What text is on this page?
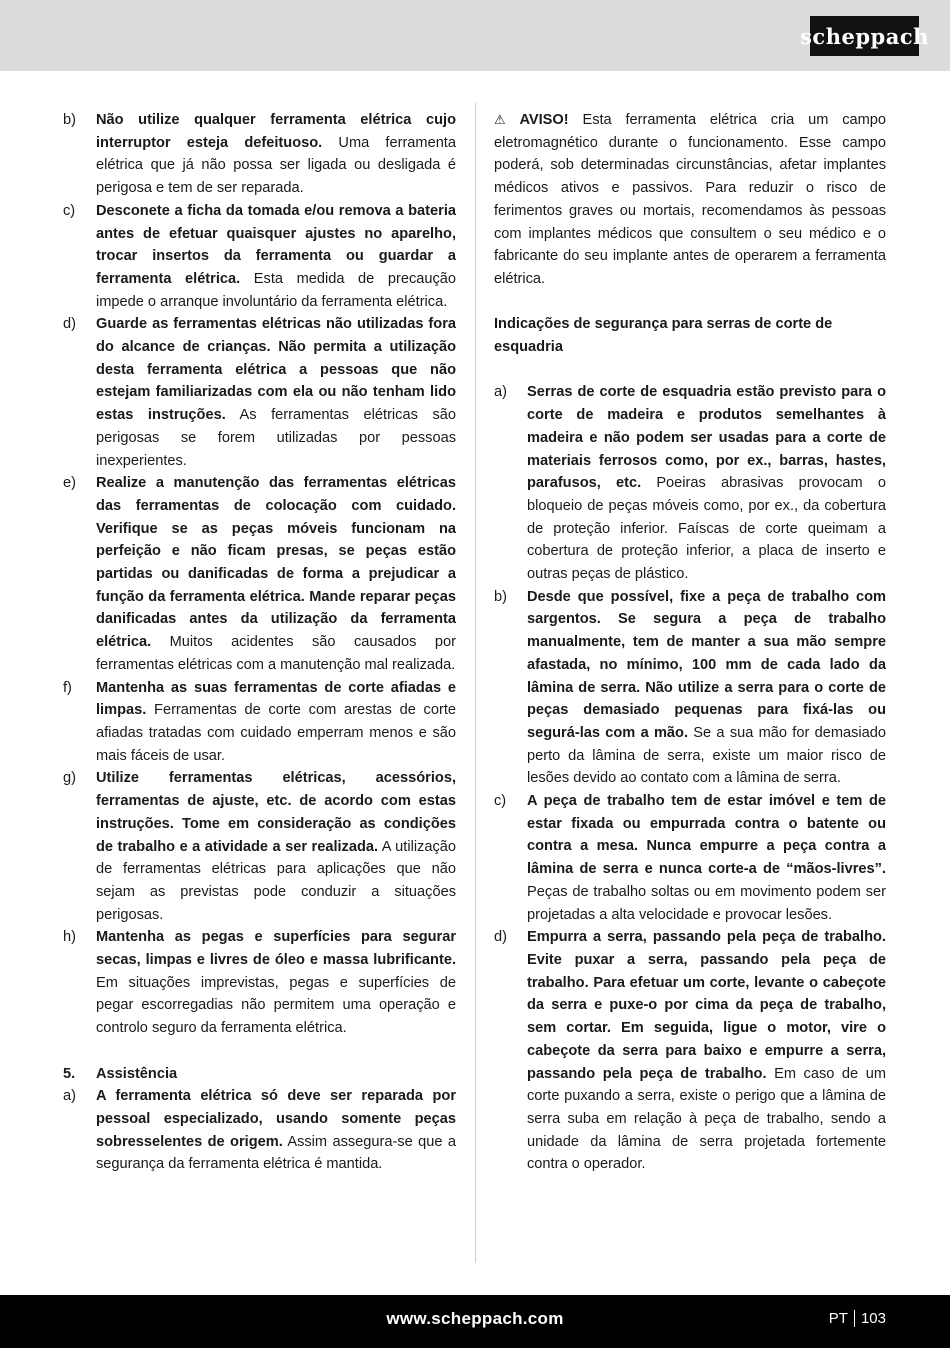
scheppach
b)	Não utilize qualquer ferramenta elétrica cujo interruptor esteja defeituoso. Uma ferramenta elétrica que já não possa ser ligada ou desligada é perigosa e tem de ser reparada.
c)	Desconete a ficha da tomada e/ou remova a bateria antes de efetuar quaisquer ajustes no aparelho, trocar insertos da ferramenta ou guardar a ferramenta elétrica. Esta medida de precaução impede o arranque involuntário da ferramenta elétrica.
d)	Guarde as ferramentas elétricas não utilizadas fora do alcance de crianças. Não permita a utilização desta ferramenta elétrica a pessoas que não estejam familiarizadas com ela ou não tenham lido estas instruções. As ferramentas elétricas são perigosas se forem utilizadas por pessoas inexperientes.
e)	Realize a manutenção das ferramentas elétricas das ferramentas de colocação com cuidado. Verifique se as peças móveis funcionam na perfeição e não ficam presas, se peças estão partidas ou danificadas de forma a prejudicar a função da ferramenta elétrica. Mande reparar peças danificadas antes da utilização da ferramenta elétrica. Muitos acidentes são causados por ferramentas elétricas com a manutenção mal realizada.
f)	Mantenha as suas ferramentas de corte afiadas e limpas. Ferramentas de corte com arestas de corte afiadas tratadas com cuidado emperram menos e são mais fáceis de usar.
g)	Utilize ferramentas elétricas, acessórios, ferramentas de ajuste, etc. de acordo com estas instruções. Tome em consideração as condições de trabalho e a atividade a ser realizada. A utilização de ferramentas elétricas para aplicações que não sejam as previstas pode conduzir a situações perigosas.
h)	Mantenha as pegas e superfícies para segurar secas, limpas e livres de óleo e massa lubrificante. Em situações imprevistas, pegas e superfícies de pegar escorregadias não permitem uma operação e controlo seguro da ferramenta elétrica.
5.	Assistência
a)	A ferramenta elétrica só deve ser reparada por pessoal especializado, usando somente peças sobresselentes de origem. Assim assegura-se que a segurança da ferramenta elétrica é mantida.
⚠ AVISO! Esta ferramenta elétrica cria um campo eletromagnético durante o funcionamento. Esse campo poderá, sob determinadas circunstâncias, afetar implantes médicos ativos e passivos. Para reduzir o risco de ferimentos graves ou mortais, recomendamos às pessoas com implantes médicos que consultem o seu médico e o fabricante do seu implante antes de operarem a ferramenta elétrica.
Indicações de segurança para serras de corte de esquadria
a)	Serras de corte de esquadria estão previsto para o corte de madeira e produtos semelhantes à madeira e não podem ser usadas para a corte de materiais ferrosos como, por ex., barras, hastes, parafusos, etc. Poeiras abrasivas provocam o bloqueio de peças móveis como, por ex., da cobertura de proteção inferior. Faíscas de corte queimam a cobertura de proteção inferior, a placa de inserto e outras peças de plástico.
b)	Desde que possível, fixe a peça de trabalho com sargentos. Se segura a peça de trabalho manualmente, tem de manter a sua mão sempre afastada, no mínimo, 100 mm de cada lado da lâmina de serra. Não utilize a serra para o corte de peças demasiado pequenas para fixá-las ou segurá-las com a mão. Se a sua mão for demasiado perto da lâmina de serra, existe um maior risco de lesões devido ao contato com a lâmina de serra.
c)	A peça de trabalho tem de estar imóvel e tem de estar fixada ou empurrada contra o batente ou contra a mesa. Nunca empurre a peça contra a lâmina de serra e nunca corte-a de “mãos-livres”. Peças de trabalho soltas ou em movimento podem ser projetadas a alta velocidade e provocar lesões.
d)	Empurra a serra, passando pela peça de trabalho. Evite puxar a serra, passando pela peça de trabalho. Para efetuar um corte, levante o cabeçote da serra e puxe-o por cima da peça de trabalho, sem cortar. Em seguida, ligue o motor, vire o cabeçote da serra para baixo e empurre a serra, passando pela peça de trabalho. Em caso de um corte puxando a serra, existe o perigo que a lâmina de serra suba em relação à peça de trabalho, sendo a unidade da lâmina de serra projetada fortemente contra o operador.
www.scheppach.com	PT 103
